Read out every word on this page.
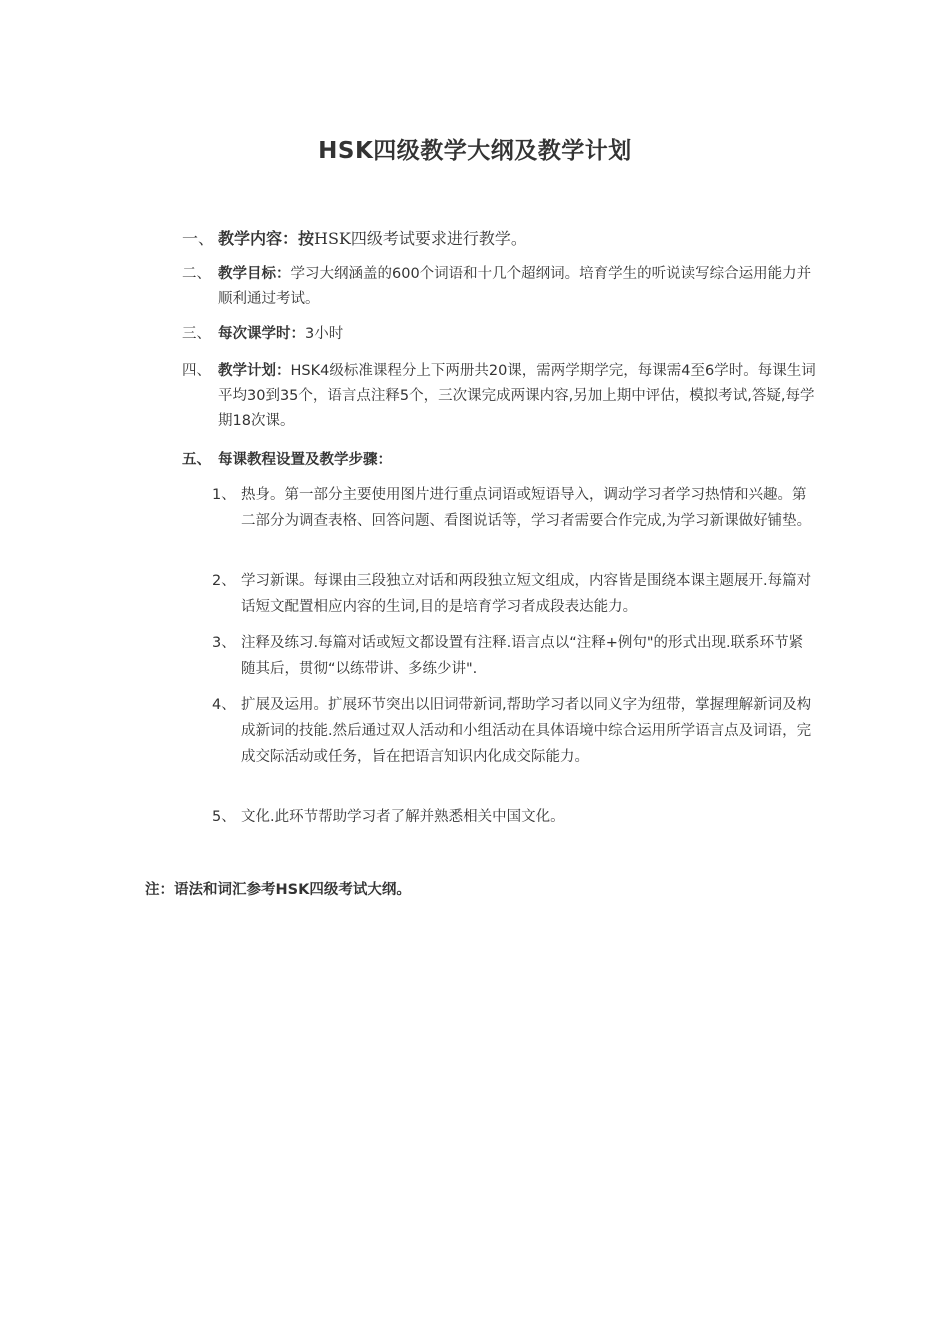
HSK四级教学大纲及教学计划
一、 教学内容：按HSK四级考试要求进行教学。
二、 教学目标：学习大纲涵盖的600个词语和十几个超纲词。培育学生的听说读写综合运用能力并顺利通过考试。
三、 每次课学时：3小时
四、 教学计划：HSK4级标准课程分上下两册共20课，需两学期学完，每课需4至6学时。每课生词平均30到35个，语言点注释5个，三次课完成两课内容,另加上期中评估，模拟考试,答疑,每学期18次课。
五、 每课教程设置及教学步骤：
1、 热身。第一部分主要使用图片进行重点词语或短语导入，调动学习者学习热情和兴趣。第二部分为调查表格、回答问题、看图说话等，学习者需要合作完成,为学习新课做好铺垫。
2、 学习新课。每课由三段独立对话和两段独立短文组成，内容皆是围绕本课主题展开.每篇对话短文配置相应内容的生词,目的是培育学习者成段表达能力。
3、 注释及练习.每篇对话或短文都设置有注释.语言点以“注释+例句"的形式出现.联系环节紧随其后，贯彻“以练带讲、多练少讲".
4、 扩展及运用。扩展环节突出以旧词带新词,帮助学习者以同义字为纽带，掌握理解新词及构成新词的技能.然后通过双人活动和小组活动在具体语境中综合运用所学语言点及词语，完成交际活动或任务，旨在把语言知识内化成交际能力。
5、 文化.此环节帮助学习者了解并熟悉相关中国文化。
注：语法和词汇参考HSK四级考试大纲。
